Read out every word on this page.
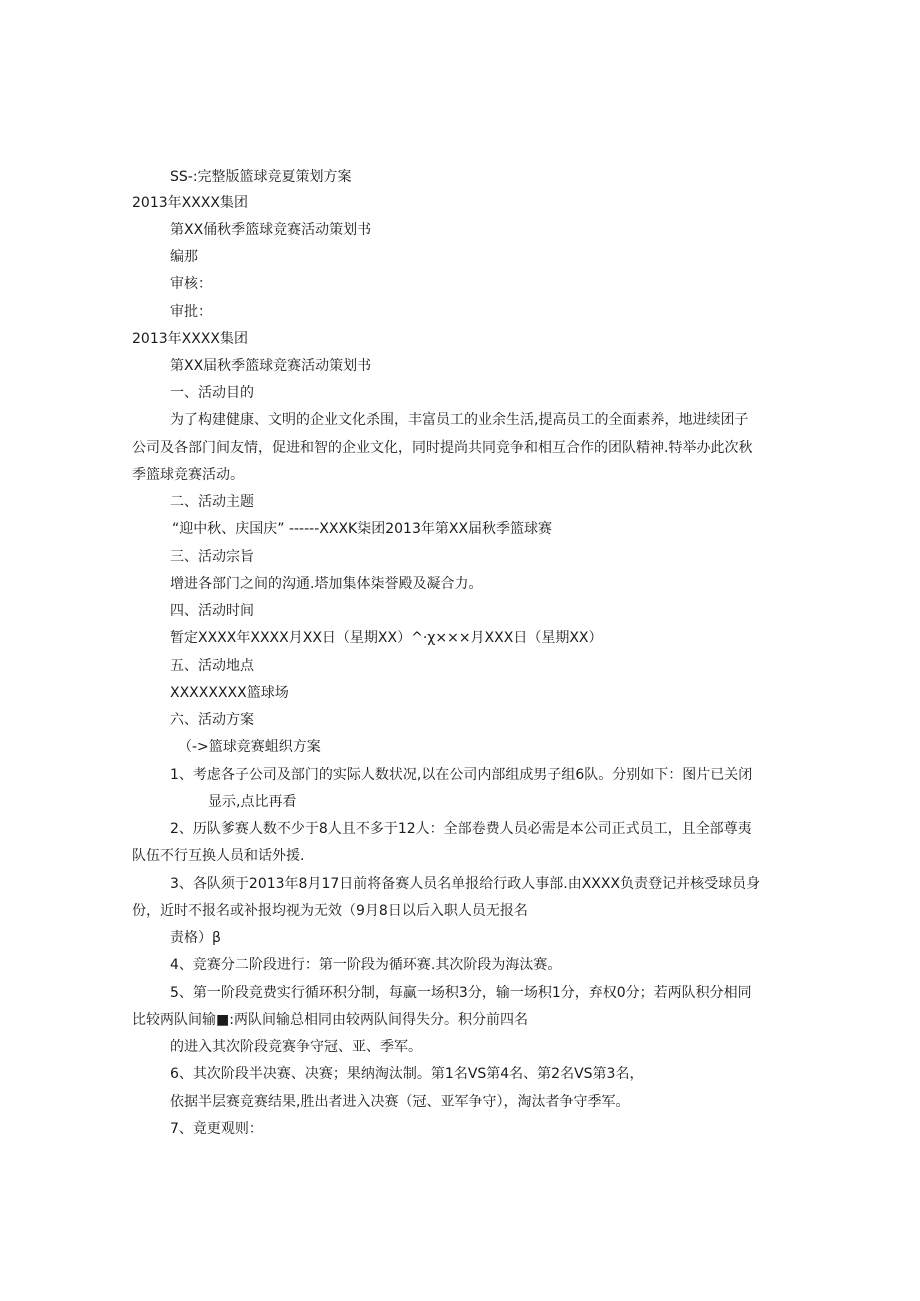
SS-:完整版篮球竞夏策划方案
2013年XXXX集团
第XX俑秋季篮球竞赛活动策划书
编那
审核：
审批：
2013年XXXX集团
第XX届秋季篮球竞赛活动策划书
一、活动目的
为了构建健康、文明的企业文化杀围，丰富员工的业余生活,提高员工的全面素养，地进续团子
公司及各部门间友情，促进和智的企业文化，同时提尚共同竞争和相互合作的团队精神.特举办此次秋
季篮球竞赛活动。
二、活动主题
“迎中秋、庆国庆” ------XXXK柒团2013年第XX届秋季篮球赛
三、活动宗旨
增进各部门之间的沟通.塔加集体柒誉殿及凝合力。
四、活动时间
暂定XXXX年XXXX月XX日（星期XX）^·χ×××月XXX日（星期XX）
五、活动地点
XXXXXXXX篮球场
六、活动方案
（->篮球竞赛蛆织方案
1、考虑各子公司及部门的实际人数状况,以在公司内部组成男子组6队。分别如下：图片已关闭
显示,点比再看
2、历队爹赛人数不少于8人且不多于12人：全部卷费人员必需是本公司正式员工，且全部尊夷
队伍不行互换人员和话外援.
3、各队须于2013年8月17日前将备赛人员名单报给行政人事部.由XXXX负责登记并核受球员身
份，近时不报名或补报均视为无效（9月8日以后入职人员无报名
责格）β
4、竞赛分二阶段进行：第一阶段为循环赛.其次阶段为海汰赛。
5、第一阶段竞费实行循环积分制，每赢一场积3分，输一场积1分，弃权0分；若两队积分相同
比较两队间输■:两队间输总相同由较两队间得失分。积分前四名
的进入其次阶段竞赛争守冠、亚、季军。
6、其次阶段半决赛、决赛；果纳淘汰制。第1名VS第4名、第2名VS第3名，
依据半层赛竞赛结果,胜出者进入决赛（冠、亚军争守），淘汰者争守季军。
7、竟更观则：
